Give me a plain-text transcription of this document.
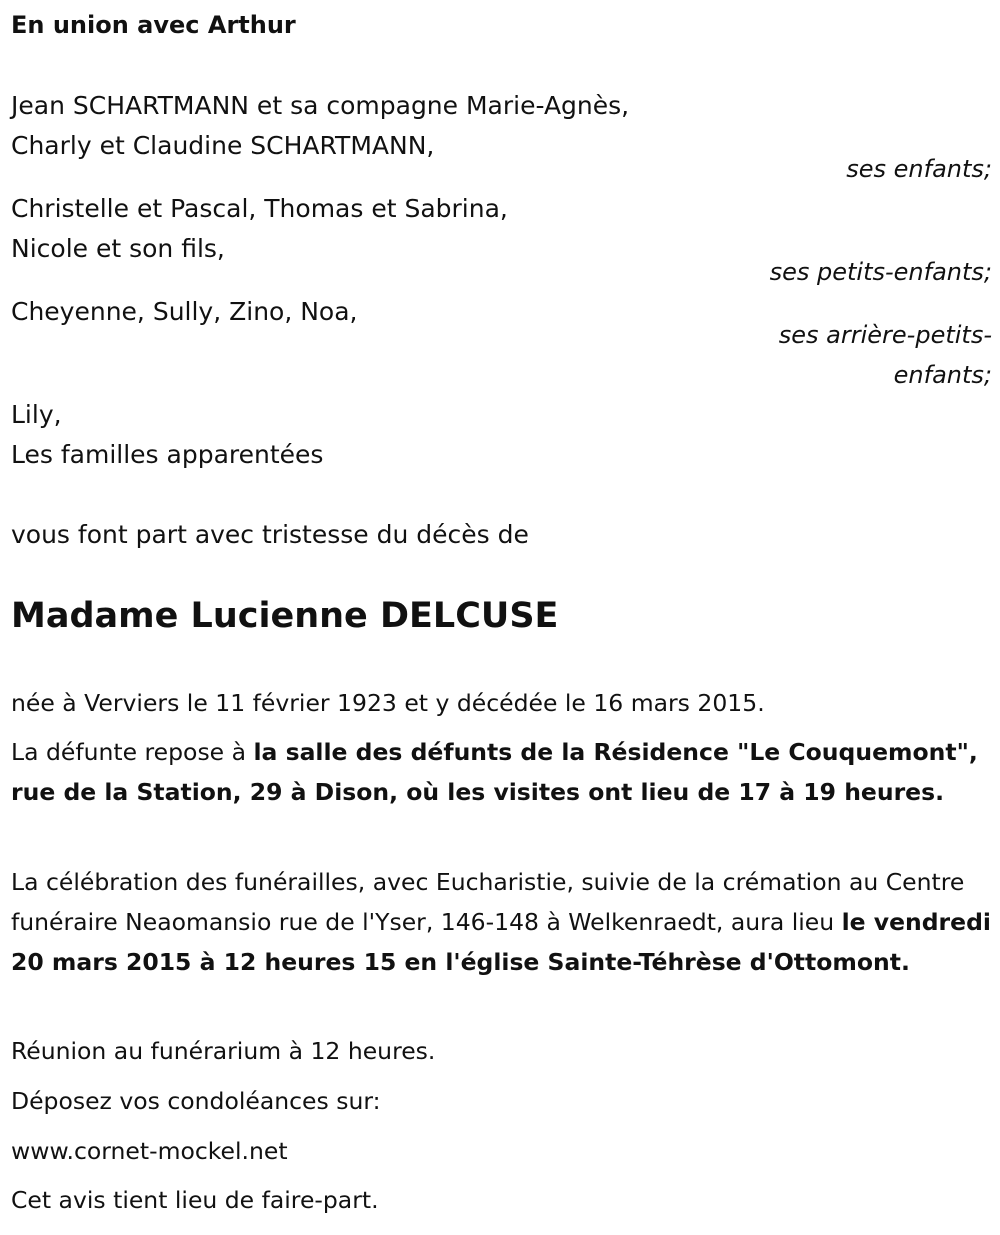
En union avec Arthur
Jean SCHARTMANN et sa compagne Marie-Agnès,
Charly et Claudine SCHARTMANN,
ses enfants;
Christelle et Pascal, Thomas et Sabrina,
Nicole et son fils,
ses petits-enfants;
Cheyenne, Sully, Zino, Noa,
ses arrière-petits-
enfants;
Lily,
Les familles apparentées
vous font part avec tristesse du décès de
Madame Lucienne DELCUSE
née à Verviers le 11 février 1923 et y décédée le 16 mars 2015.
La défunte repose à la salle des défunts de la Résidence "Le Couquemont", rue de la Station, 29 à Dison, où les visites ont lieu de 17 à 19 heures.
La célébration des funérailles, avec Eucharistie, suivie de la crémation au Centre funéraire Neaomansio rue de l'Yser, 146-148 à Welkenraedt, aura lieu le vendredi 20 mars 2015 à 12 heures 15 en l'église Sainte-Téhrèse d'Ottomont.
Réunion au funérarium à 12 heures.
Déposez vos condoléances sur:
www.cornet-mockel.net
Cet avis tient lieu de faire-part.
